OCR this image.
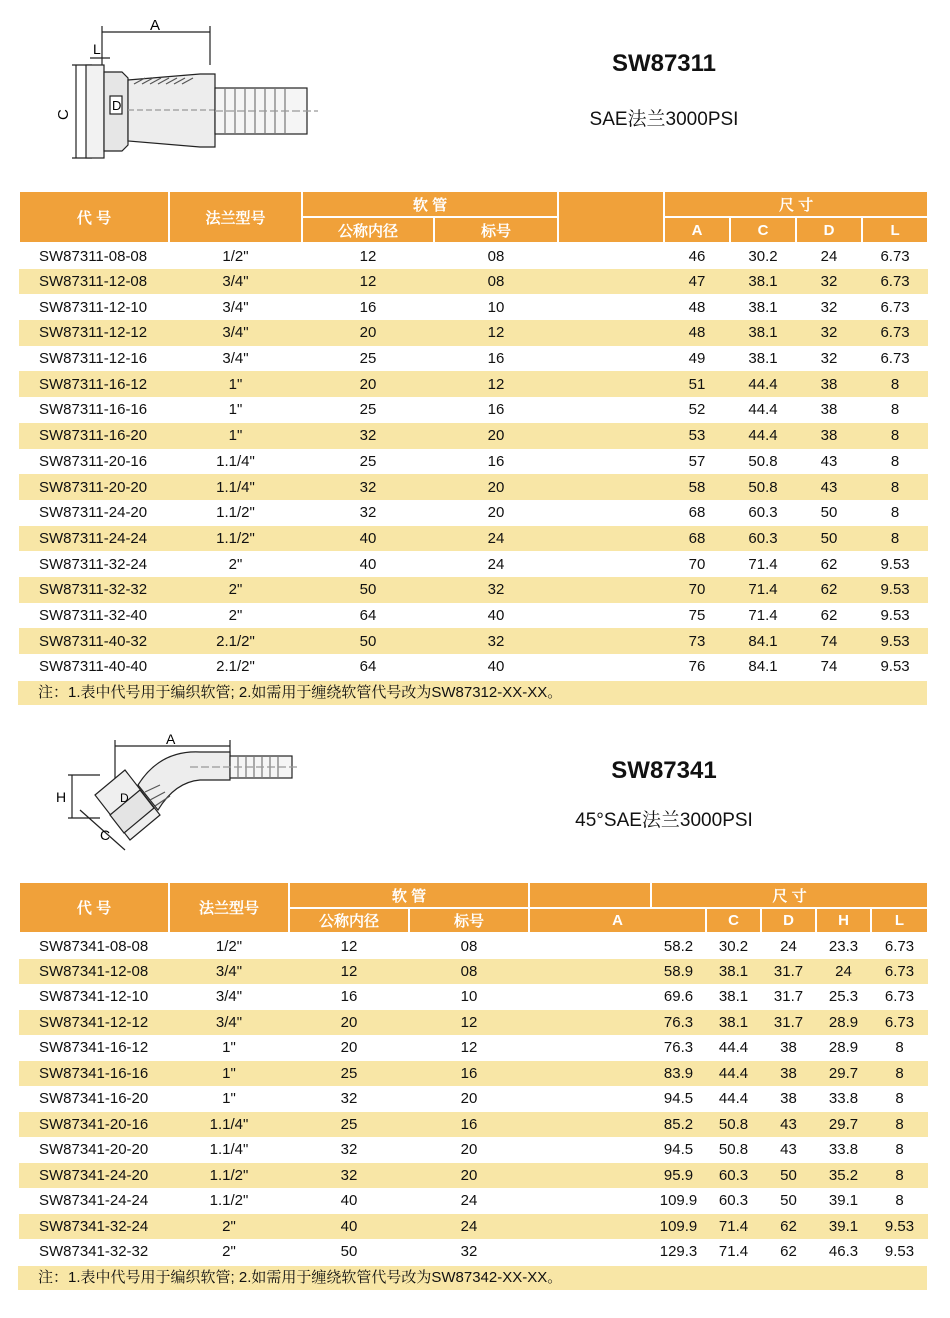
A
L
C
D
SW87311
SAE法兰3000PSI
代 号	法兰型号	软 管			尺 寸			
		公称内径	标号		A	C	D	L
SW87311-08-08	1/2"	12	08		46	30.2	24	6.73
SW87311-12-08	3/4"	12	08		47	38.1	32	6.73
SW87311-12-10	3/4"	16	10		48	38.1	32	6.73
SW87311-12-12	3/4"	20	12		48	38.1	32	6.73
SW87311-12-16	3/4"	25	16		49	38.1	32	6.73
SW87311-16-12	1"	20	12		51	44.4	38	8
SW87311-16-16	1"	25	16		52	44.4	38	8
SW87311-16-20	1"	32	20		53	44.4	38	8
SW87311-20-16	1.1/4"	25	16		57	50.8	43	8
SW87311-20-20	1.1/4"	32	20		58	50.8	43	8
SW87311-24-20	1.1/2"	32	20		68	60.3	50	8
SW87311-24-24	1.1/2"	40	24		68	60.3	50	8
SW87311-32-24	2"	40	24		70	71.4	62	9.53
SW87311-32-32	2"	50	32		70	71.4	62	9.53
SW87311-32-40	2"	64	40		75	71.4	62	9.53
SW87311-40-32	2.1/2"	50	32		73	84.1	74	9.53
SW87311-40-40	2.1/2"	64	40		76	84.1	74	9.53
注：1.表中代号用于编织软管; 2.如需用于缠绕软管代号改为SW87312-XX-XX。
A
H
C
D
SW87341
45°SAE法兰3000PSI
代 号	法兰型号	软 管			尺 寸				
		公称内径	标号	A		C	D	H	L
SW87341-08-08	1/2"	12	08		58.2	30.2	24	23.3	6.73
SW87341-12-08	3/4"	12	08		58.9	38.1	31.7	24	6.73
SW87341-12-10	3/4"	16	10		69.6	38.1	31.7	25.3	6.73
SW87341-12-12	3/4"	20	12		76.3	38.1	31.7	28.9	6.73
SW87341-16-12	1"	20	12		76.3	44.4	38	28.9	8
SW87341-16-16	1"	25	16		83.9	44.4	38	29.7	8
SW87341-16-20	1"	32	20		94.5	44.4	38	33.8	8
SW87341-20-16	1.1/4"	25	16		85.2	50.8	43	29.7	8
SW87341-20-20	1.1/4"	32	20		94.5	50.8	43	33.8	8
SW87341-24-20	1.1/2"	32	20		95.9	60.3	50	35.2	8
SW87341-24-24	1.1/2"	40	24		109.9	60.3	50	39.1	8
SW87341-32-24	2"	40	24		109.9	71.4	62	39.1	9.53
SW87341-32-32	2"	50	32		129.3	71.4	62	46.3	9.53
注：1.表中代号用于编织软管; 2.如需用于缠绕软管代号改为SW87342-XX-XX。
